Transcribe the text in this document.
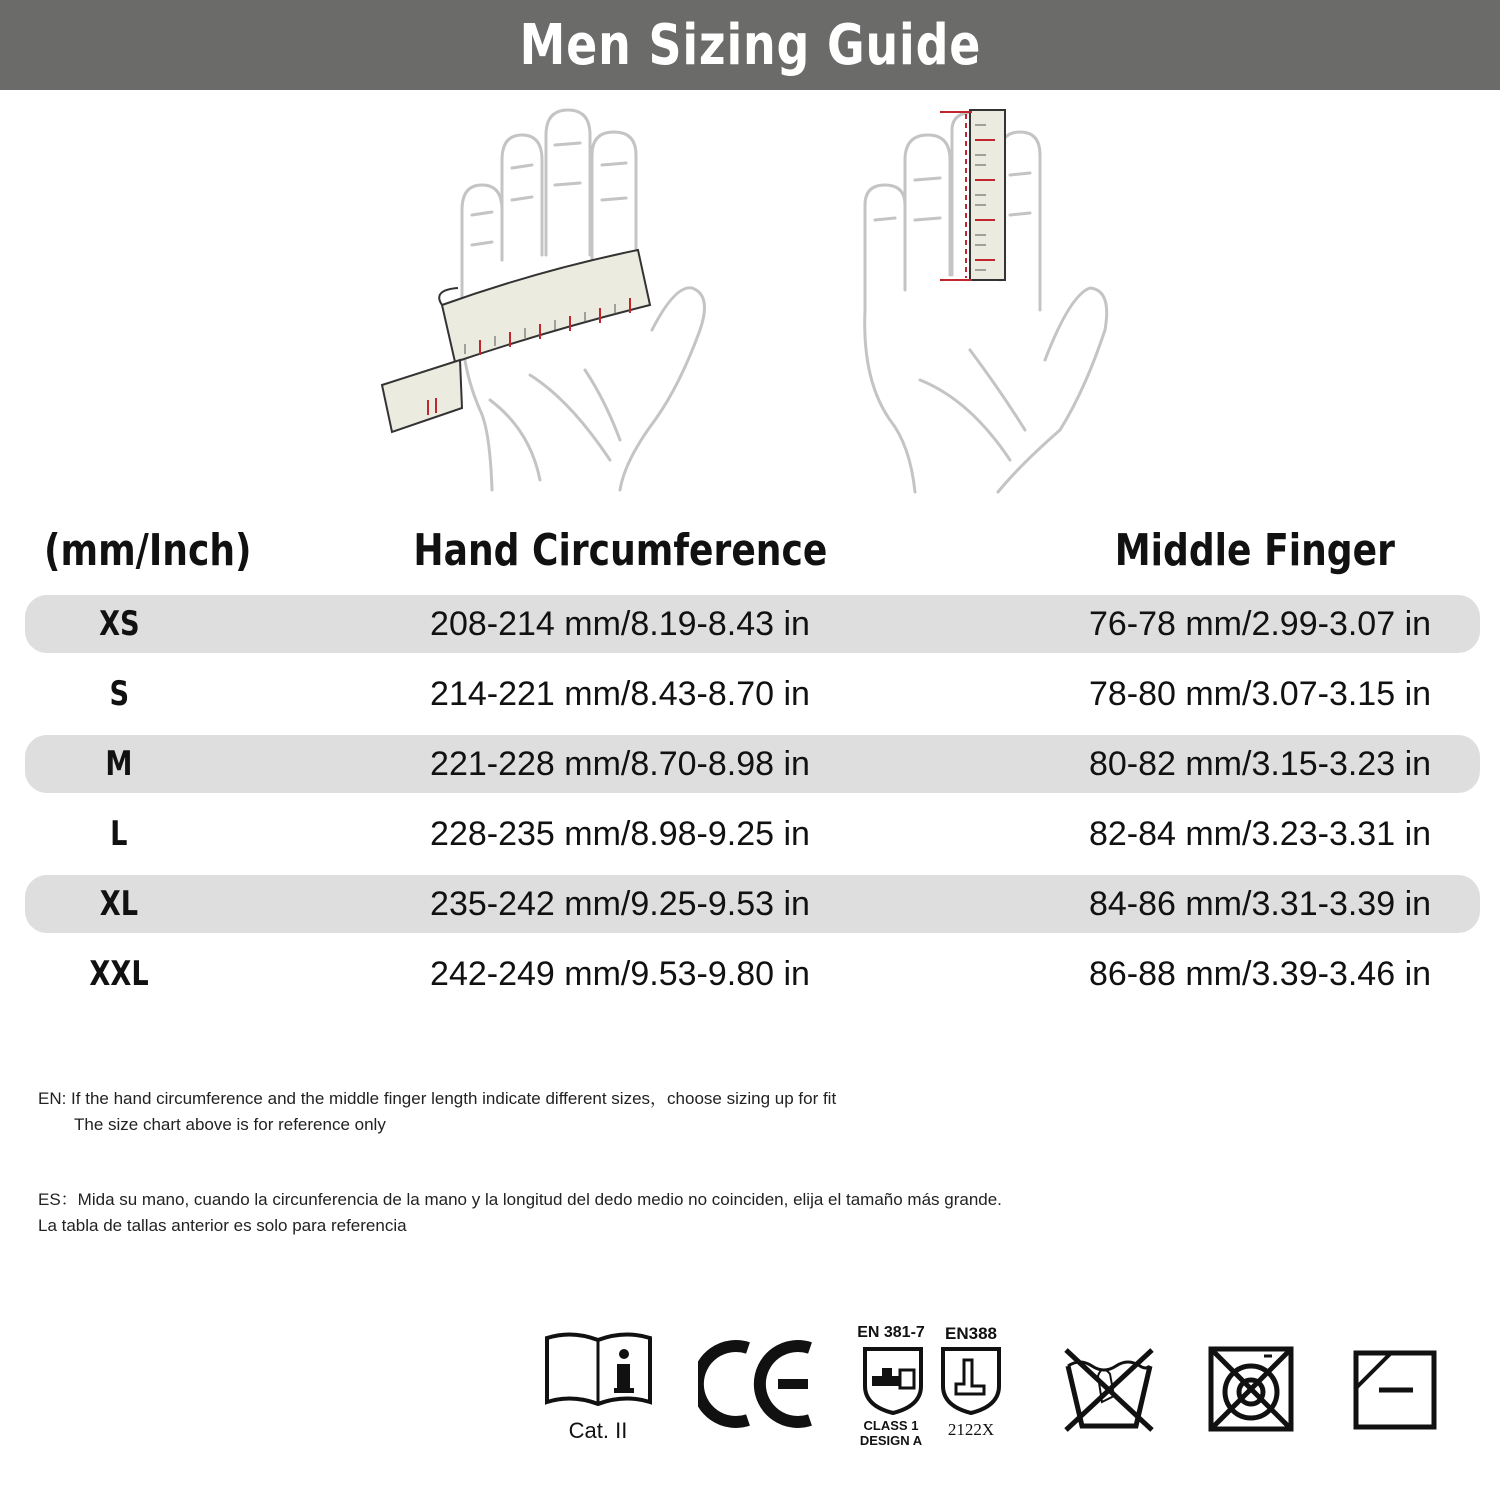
Men Sizing Guide
(mm/Inch)	Hand Circumference	Middle Finger
XS	208-214 mm/8.19-8.43 in	76-78 mm/2.99-3.07 in
S	214-221 mm/8.43-8.70 in	78-80 mm/3.07-3.15 in
M	221-228 mm/8.70-8.98 in	80-82 mm/3.15-3.23 in
L	228-235 mm/8.98-9.25 in	82-84 mm/3.23-3.31 in
XL	235-242 mm/9.25-9.53 in	84-86 mm/3.31-3.39 in
XXL	242-249 mm/9.53-9.80 in	86-88 mm/3.39-3.46 in
EN: If the hand circumference and the middle finger length indicate different sizes，choose sizing up for fit
The size chart above is for reference only
ES：Mida su mano, cuando la circunferencia de la mano y la longitud del dedo medio no coinciden, elija el tamaño más grande.
La tabla de tallas anterior es solo para referencia
Cat. II
EN 381-7
CLASS 1
DESIGN A
EN388
2122X
